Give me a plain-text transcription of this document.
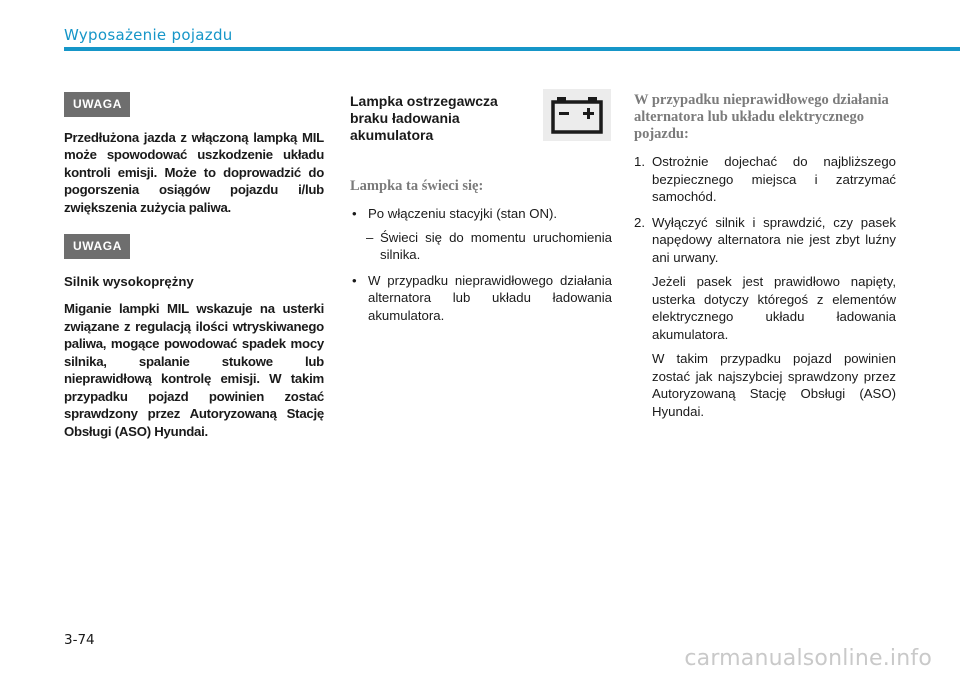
Wyposażenie pojazdu
UWAGA

Przedłużona jazda z włączoną lampką MIL może spowodować uszkodzenie układu kontroli emisji. Może to doprowadzić do pogorszenia osiągów pojazdu i/lub zwiększenia zużycia paliwa.

UWAGA

Silnik wysokoprężny

Miganie lampki MIL wskazuje na usterki związane z regulacją ilości wtryskiwanego paliwa, mogące powodować spadek mocy silnika, spalanie stukowe lub nieprawidłową kontrolę emisji. W takim przypadku pojazd powinien zostać sprawdzony przez Autoryzowaną Stację Obsługi (ASO) Hyundai.

Lampka ostrzegawcza braku ładowania akumulatora

Lampka ta świeci się:
• Po włączeniu stacyjki (stan ON).
– Świeci się do momentu uruchomienia silnika.
• W przypadku nieprawidłowego działania alternatora lub układu ładowania akumulatora.
W przypadku nieprawidłowego działania alternatora lub układu elektrycznego pojazdu:
1. Ostrożnie dojechać do najbliższego bezpiecznego miejsca i zatrzymać samochód.
2. Wyłączyć silnik i sprawdzić, czy pasek napędowy alternatora nie jest zbyt luźny ani urwany.
Jeżeli pasek jest prawidłowo napięty, usterka dotyczy któregoś z elementów elektrycznego układu ładowania akumulatora.
W takim przypadku pojazd powinien zostać jak najszybciej sprawdzony przez Autoryzowaną Stację Obsługi (ASO) Hyundai.
3-74
carmanualsonline.info
